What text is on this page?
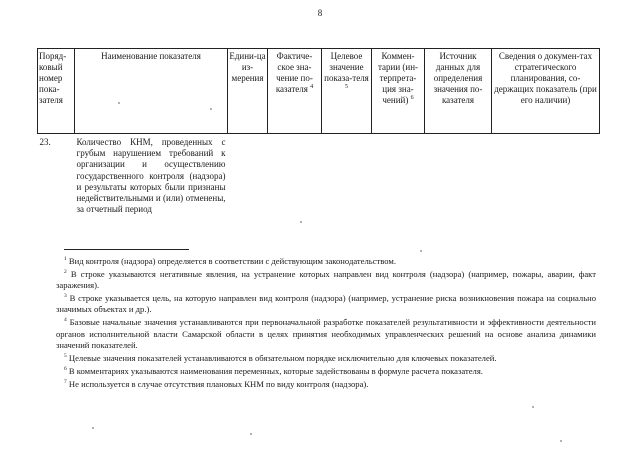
8
Поряд-ковый номер пока-зателя	Наименование показателя	Едини-ца из-мерения	Фактиче-ское зна-чение по-казателя $^4$	Целевое значение показа-теля $^5$	Коммен-тарии (ин-терпрета-ция зна-чений) $^6$	Источник данных для определения значения по-казателя	Сведения о докумен-тах стратегического планирования, со-держащих показатель (при его наличии)
23.	Количество КНМ, проведенных с грубым нарушением требований к организации и осуществлению государственного контроля (надзора) и результаты которых были признаны недействительными и (или) отменены, за отчетный период						

$^1$ Вид контроля (надзора) определяется в соответствии с действующим законодательством.

$^2$ В строке указываются негативные явления, на устранение которых направлен вид контроля (надзора) (например, пожары, аварии, факт заражения).

$^3$ В строке указывается цель, на которую направлен вид контроля (надзора) (например, устранение риска возникновения пожара на социально значимых объектах и др.).

$^4$ Базовые начальные значения устанавливаются при первоначальной разработке показателей результативности и эффективности деятельности органов исполнительной власти Самарской области в целях принятия необходимых управленческих решений на основе анализа динамики значений показателей.

$^5$ Целевые значения показателей устанавливаются в обязательном порядке исключительно для ключевых показателей.

$^6$ В комментариях указываются наименования переменных, которые задействованы в формуле расчета показателя.

$^7$ Не используется в случае отсутствия плановых КНМ по виду контроля (надзора).
